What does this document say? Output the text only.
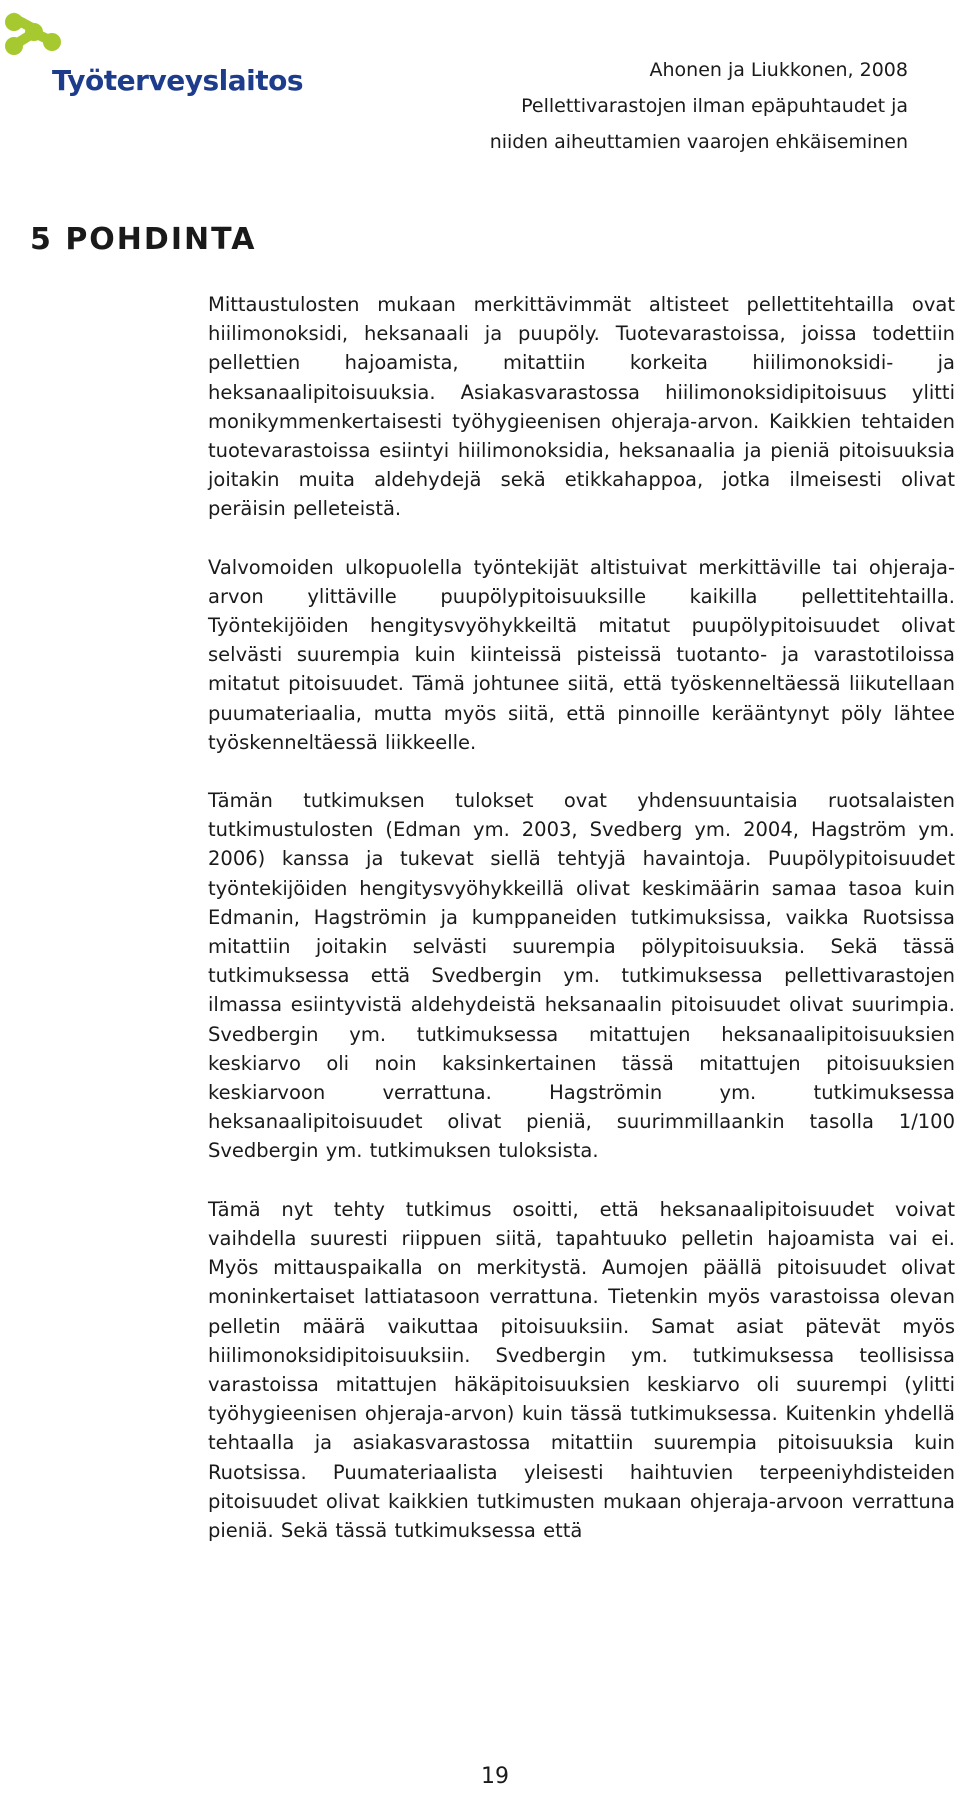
Työterveyslaitos	Ahonen ja Liukkonen, 2008
Pellettivarastojen ilman epäpuhtaudet ja
niiden aiheuttamien vaarojen ehkäiseminen
5 POHDINTA

Mittaustulosten mukaan merkittävimmät altisteet pellettitehtailla ovat hiilimonoksidi, heksanaali ja puupöly. Tuotevarastoissa, joissa todettiin pellettien hajoamista, mitattiin korkeita hiilimonoksidi- ja heksanaalipitoisuuksia. Asiakasvarastossa hiilimonoksidipitoisuus ylitti monikymmenkertaisesti työhygieenisen ohjeraja-arvon. Kaikkien tehtaiden tuotevarastoissa esiintyi hiilimonoksidia, heksanaalia ja pieniä pitoisuuksia joitakin muita aldehydejä sekä etikkahappoa, jotka ilmeisesti olivat peräisin pelleteistä.

Valvomoiden ulkopuolella työntekijät altistuivat merkittäville tai ohjeraja-arvon ylittäville puupölypitoisuuksille kaikilla pellettitehtailla. Työntekijöiden hengitysvyöhykkeiltä mitatut puupölypitoisuudet olivat selvästi suurempia kuin kiinteissä pisteissä tuotanto- ja varastotiloissa mitatut pitoisuudet. Tämä johtunee siitä, että työskenneltäessä liikutellaan puumateriaalia, mutta myös siitä, että pinnoille kerääntynyt pöly lähtee työskenneltäessä liikkeelle.

Tämän tutkimuksen tulokset ovat yhdensuuntaisia ruotsalaisten tutkimustulosten (Edman ym. 2003, Svedberg ym. 2004, Hagström ym. 2006) kanssa ja tukevat siellä tehtyjä havaintoja. Puupölypitoisuudet työntekijöiden hengitysvyöhykkeillä olivat keskimäärin samaa tasoa kuin Edmanin, Hagströmin ja kumppaneiden tutkimuksissa, vaikka Ruotsissa mitattiin joitakin selvästi suurempia pölypitoisuuksia. Sekä tässä tutkimuksessa että Svedbergin ym. tutkimuksessa pellettivarastojen ilmassa esiintyvistä aldehydeistä heksanaalin pitoisuudet olivat suurimpia. Svedbergin ym. tutkimuksessa mitattujen heksanaalipitoisuuksien keskiarvo oli noin kaksinkertainen tässä mitattujen pitoisuuksien keskiarvoon verrattuna. Hagströmin ym. tutkimuksessa heksanaalipitoisuudet olivat pieniä, suurimmillaankin tasolla 1/100 Svedbergin ym. tutkimuksen tuloksista.

Tämä nyt tehty tutkimus osoitti, että heksanaalipitoisuudet voivat vaihdella suuresti riippuen siitä, tapahtuuko pelletin hajoamista vai ei. Myös mittauspaikalla on merkitystä. Aumojen päällä pitoisuudet olivat moninkertaiset lattiatasoon verrattuna. Tietenkin myös varastoissa olevan pelletin määrä vaikuttaa pitoisuuksiin. Samat asiat pätevät myös hiilimonoksidipitoisuuksiin. Svedbergin ym. tutkimuksessa teollisissa varastoissa mitattujen häkäpitoisuuksien keskiarvo oli suurempi (ylitti työhygieenisen ohjeraja-arvon) kuin tässä tutkimuksessa. Kuitenkin yhdellä tehtaalla ja asiakasvarastossa mitattiin suurempia pitoisuuksia kuin Ruotsissa. Puumateriaalista yleisesti haihtuvien terpeeniyhdisteiden pitoisuudet olivat kaikkien tutkimusten mukaan ohjeraja-arvoon verrattuna pieniä. Sekä tässä tutkimuksessa että

19
